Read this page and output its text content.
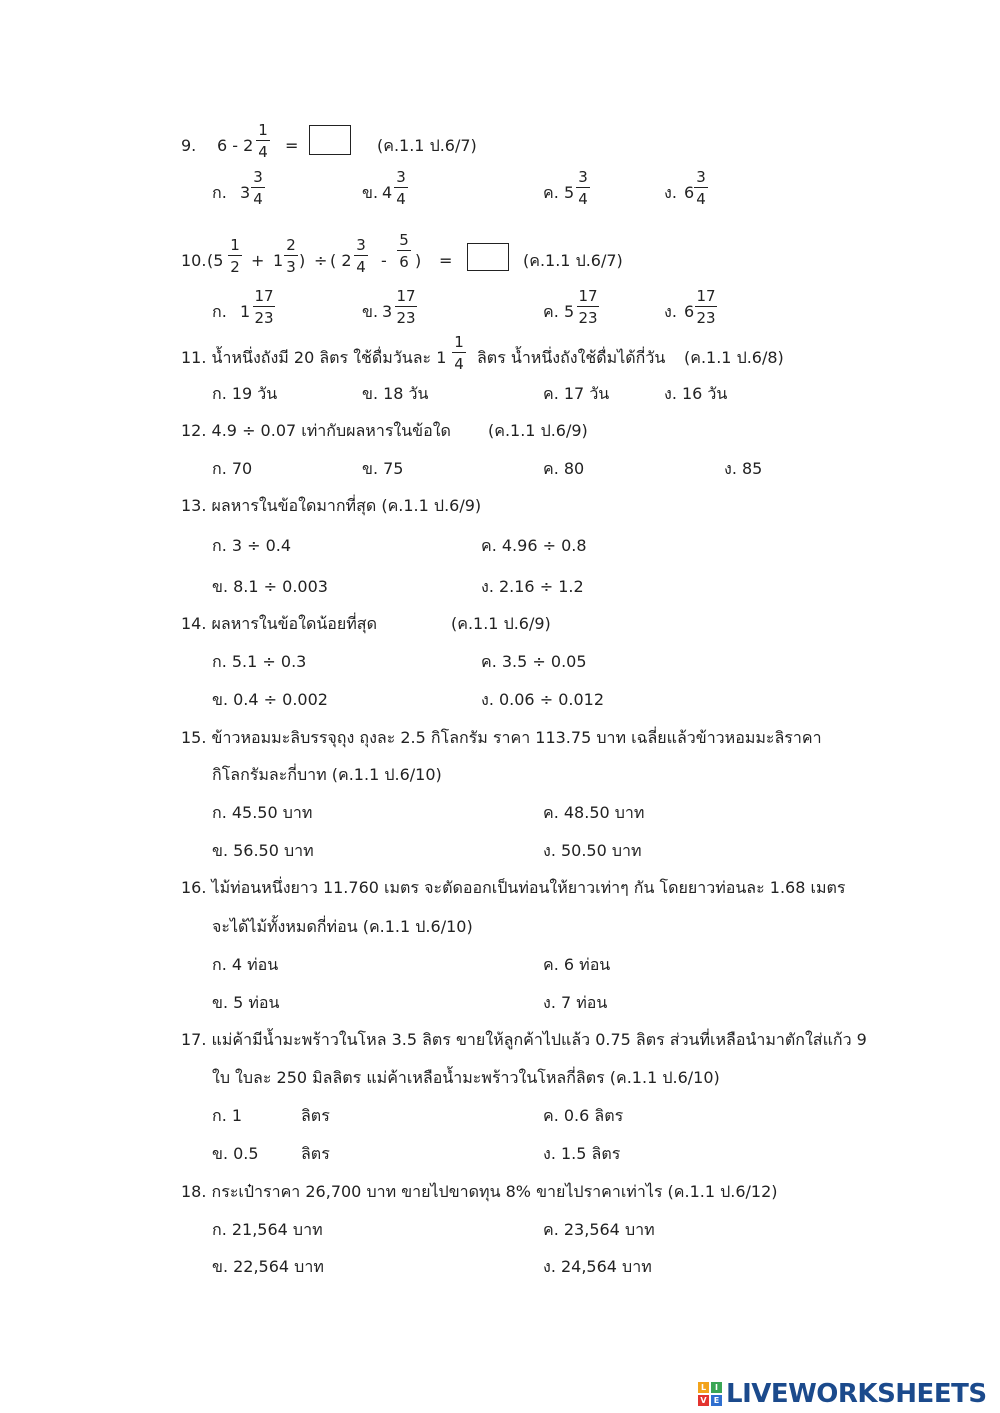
9. 6 - 2
1
4 =	(ค.1.1 ป.6/7)
ก. 3
3
4	ข. 4
3
4	ค. 5
3
4	ง. 6
3
4
10. (5
1
2 + 1
2
3 ) ÷ ( 2
3
4 -
5
6 ) =	(ค.1.1 ป.6/7)
ก. 1
17
23	ข. 3
17
23	ค. 5
17
23	ง. 6
17
23
11. น้ำหนึ่งถังมี 20 ลิตร ใช้ดื่มวันละ 1
1
4 ลิตร น้ำหนึ่งถังใช้ดื่มได้กี่วัน (ค.1.1 ป.6/8)
ก. 19 วัน	ข. 18 วัน	ค. 17 วัน	ง. 16 วัน
12. 4.9 ÷ 0.07 เท่ากับผลหารในข้อใด (ค.1.1 ป.6/9)
ก. 70	ข. 75	ค. 80	ง. 85
13. ผลหารในข้อใดมากที่สุด (ค.1.1 ป.6/9)
ก. 3 ÷ 0.4	ค. 4.96 ÷ 0.8
ข. 8.1 ÷ 0.003	ง. 2.16 ÷ 1.2
14. ผลหารในข้อใดน้อยที่สุด	(ค.1.1 ป.6/9)
ก. 5.1 ÷ 0.3	ค. 3.5 ÷ 0.05
ข. 0.4 ÷ 0.002	ง. 0.06 ÷ 0.012
15. ข้าวหอมมะลิบรรจุถุง ถุงละ 2.5 กิโลกรัม ราคา 113.75 บาท เฉลี่ยแล้วข้าวหอมมะลิราคา
กิโลกรัมละกี่บาท (ค.1.1 ป.6/10)
ก. 45.50 บาท	ค. 48.50 บาท
ข. 56.50 บาท	ง. 50.50 บาท
16. ไม้ท่อนหนึ่งยาว 11.760 เมตร จะตัดออกเป็นท่อนให้ยาวเท่าๆ กัน โดยยาวท่อนละ 1.68 เมตร
จะได้ไม้ทั้งหมดกี่ท่อน (ค.1.1 ป.6/10)
ก. 4 ท่อน	ค. 6 ท่อน
ข. 5 ท่อน	ง. 7 ท่อน
17. แม่ค้ามีน้ำมะพร้าวในโหล 3.5 ลิตร ขายให้ลูกค้าไปแล้ว 0.75 ลิตร ส่วนที่เหลือนำมาตักใส่แก้ว 9
ใบ ใบละ 250 มิลลิตร แม่ค้าเหลือน้ำมะพร้าวในโหลกี่ลิตร (ค.1.1 ป.6/10)
ก. 1	ลิตร	ค. 0.6 ลิตร
ข. 0.5	ลิตร	ง. 1.5 ลิตร
18. กระเป๋าราคา 26,700 บาท ขายไปขาดทุน 8% ขายไปราคาเท่าไร (ค.1.1 ป.6/12)
ก. 21,564 บาท	ค. 23,564 บาท
ข. 22,564 บาท	ง. 24,564 บาท
L	I
V E LIVEWORKSHEETS
